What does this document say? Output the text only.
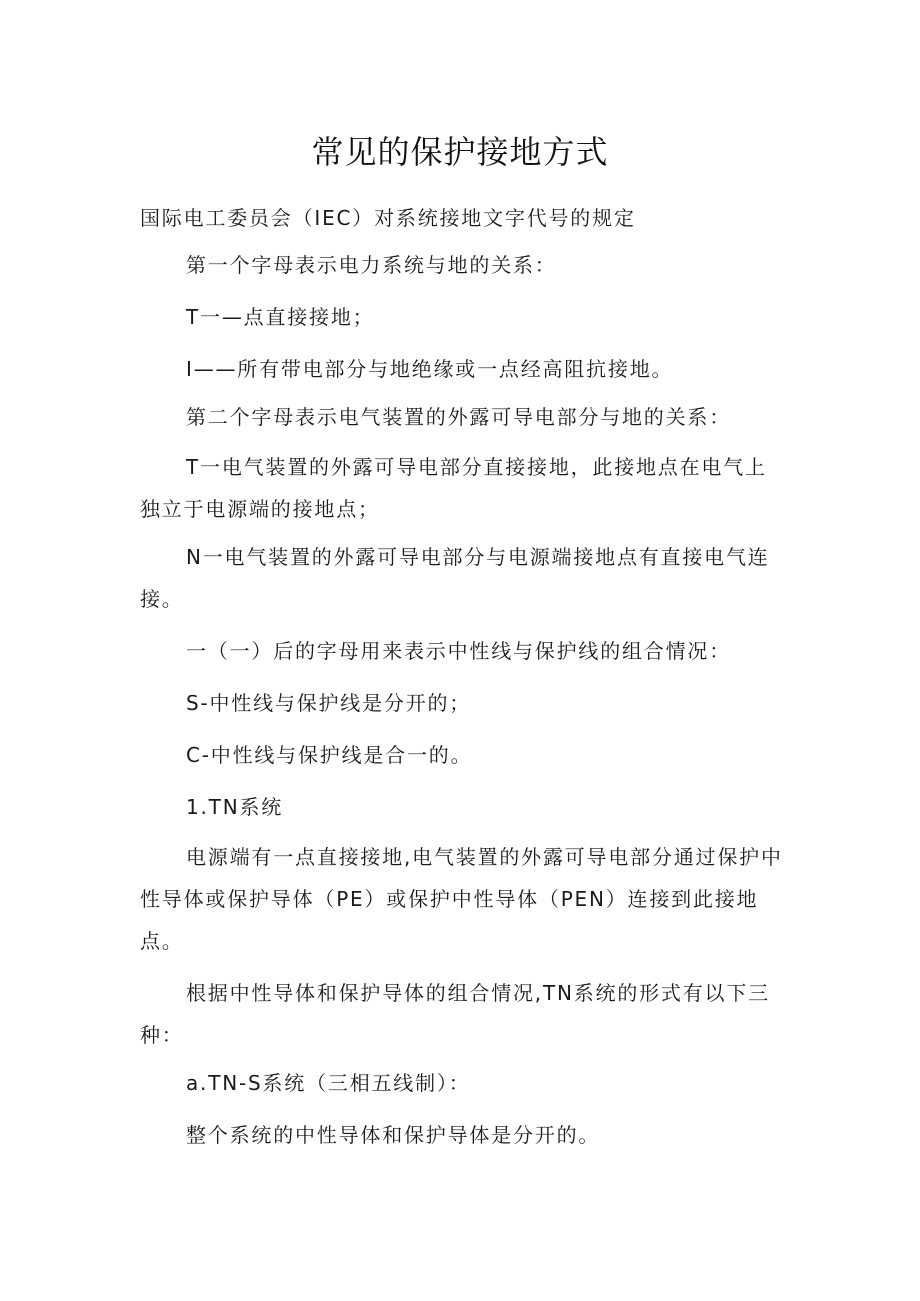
常见的保护接地方式

国际电工委员会（IEC）对系统接地文字代号的规定

第一个字母表示电力系统与地的关系：

T一—点直接接地；

I——所有带电部分与地绝缘或一点经高阻抗接地。

第二个字母表示电气装置的外露可导电部分与地的关系：

T一电气装置的外露可导电部分直接接地，此接地点在电气上独立于电源端的接地点；

N一电气装置的外露可导电部分与电源端接地点有直接电气连接。

一（一）后的字母用来表示中性线与保护线的组合情况：

S-中性线与保护线是分开的；

C-中性线与保护线是合一的。

1.TN系统

电源端有一点直接接地,电气装置的外露可导电部分通过保护中性导体或保护导体（PE）或保护中性导体（PEN）连接到此接地点。

根据中性导体和保护导体的组合情况,TN系统的形式有以下三种：

a.TN-S系统（三相五线制）：

整个系统的中性导体和保护导体是分开的。
